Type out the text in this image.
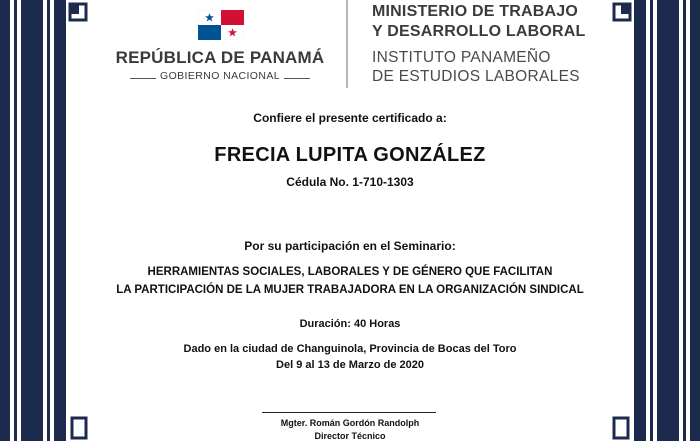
REPÚBLICA DE PANAMÁ
GOBIERNO NACIONAL
MINISTERIO DE TRABAJO
Y DESARROLLO LABORAL
INSTITUTO PANAMEÑO
DE ESTUDIOS LABORALES
Confiere el presente certificado a:
FRECIA LUPITA GONZÁLEZ
Cédula No. 1-710-1303
Por su participación en el Seminario:
HERRAMIENTAS SOCIALES, LABORALES Y DE GÉNERO QUE FACILITAN
LA PARTICIPACIÓN DE LA MUJER TRABAJADORA EN LA ORGANIZACIÓN SINDICAL
Duración: 40 Horas
Dado en la ciudad de Changuinola, Provincia de Bocas del Toro
Del 9 al 13 de Marzo de 2020
Mgter. Román Gordón Randolph
Director Técnico
